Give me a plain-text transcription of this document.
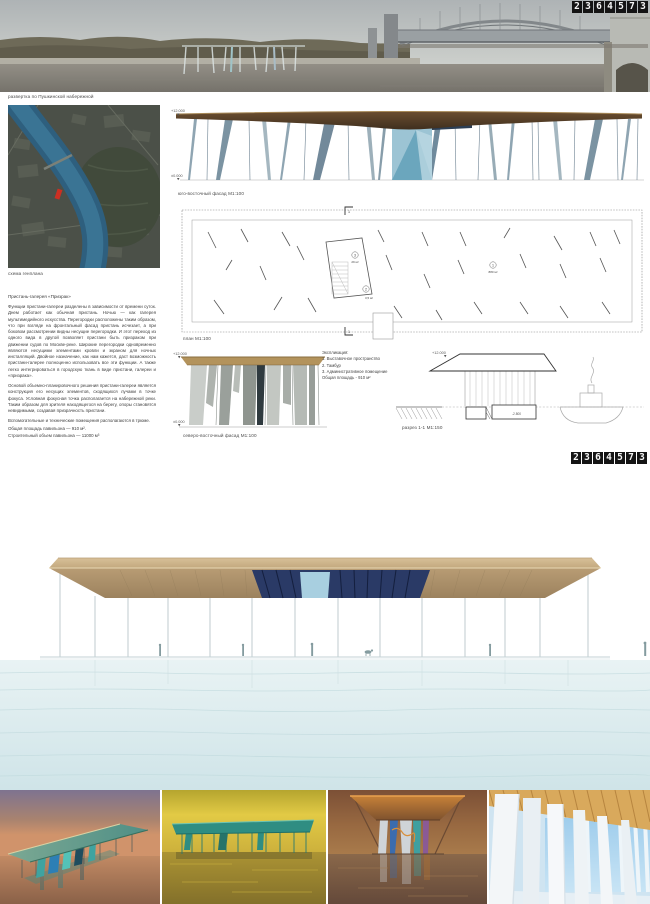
2 3 6 4 5 7 3
развертка по Пушкинской набережной
схема генплана
Пристань-галерея «Призрак»

Функции пристани-галереи разделены в зависимости от времени суток. Днем работает как обычная пристань. Ночью — как галерея мультимедийного искусства. Перегородки расположены таким образом, что при взгляде на фронтальный фасад пристань исчезает, а при боковом рассмотрении видны несущие перегородки. И этот переход из одного вида в другой позволяет пристани быть призраком при движении судов по Москве-реке. Широкие перегородки одновременно являются несущими элементами кровли и экраном для ночных инсталляций. Двойное назначение, как нам кажется, даст возможность пристани-галерее полноценно использовать все эти функции. А также легко интегрироваться в городскую ткань в виде пристани, галереи и «призрака».

Основой объемно-планировочного решения пристани-галереи является конструкция его несущих элементов, сходящихся лучами в точке фокуса. Условная фокусная точка располагается на набережной реки. Таким образом для зрителя находящегося на берегу, опоры становятся невидимыми, создавая призрачность пристани.

Вспомогательные и технические помещения располагаются в трюме.

Общая площадь павильона — 910 м².

Строительный объем павильона — 11000 м³

+12.000
±0.000
юго-восточный фасад М1:100
3
29 м²
2
3,5 м²
1
880 м²
1
1
план М1:100
+12.000
±0.000
северо-восточный фасад М1:100
Экспликация:
1. Выставочное пространство
2. Тамбур
3. Административное помещение
Общая площадь - 910 м²
+12.000
-2.800
разрез 1-1 М1:150
2 3 6 4 5 7 3
